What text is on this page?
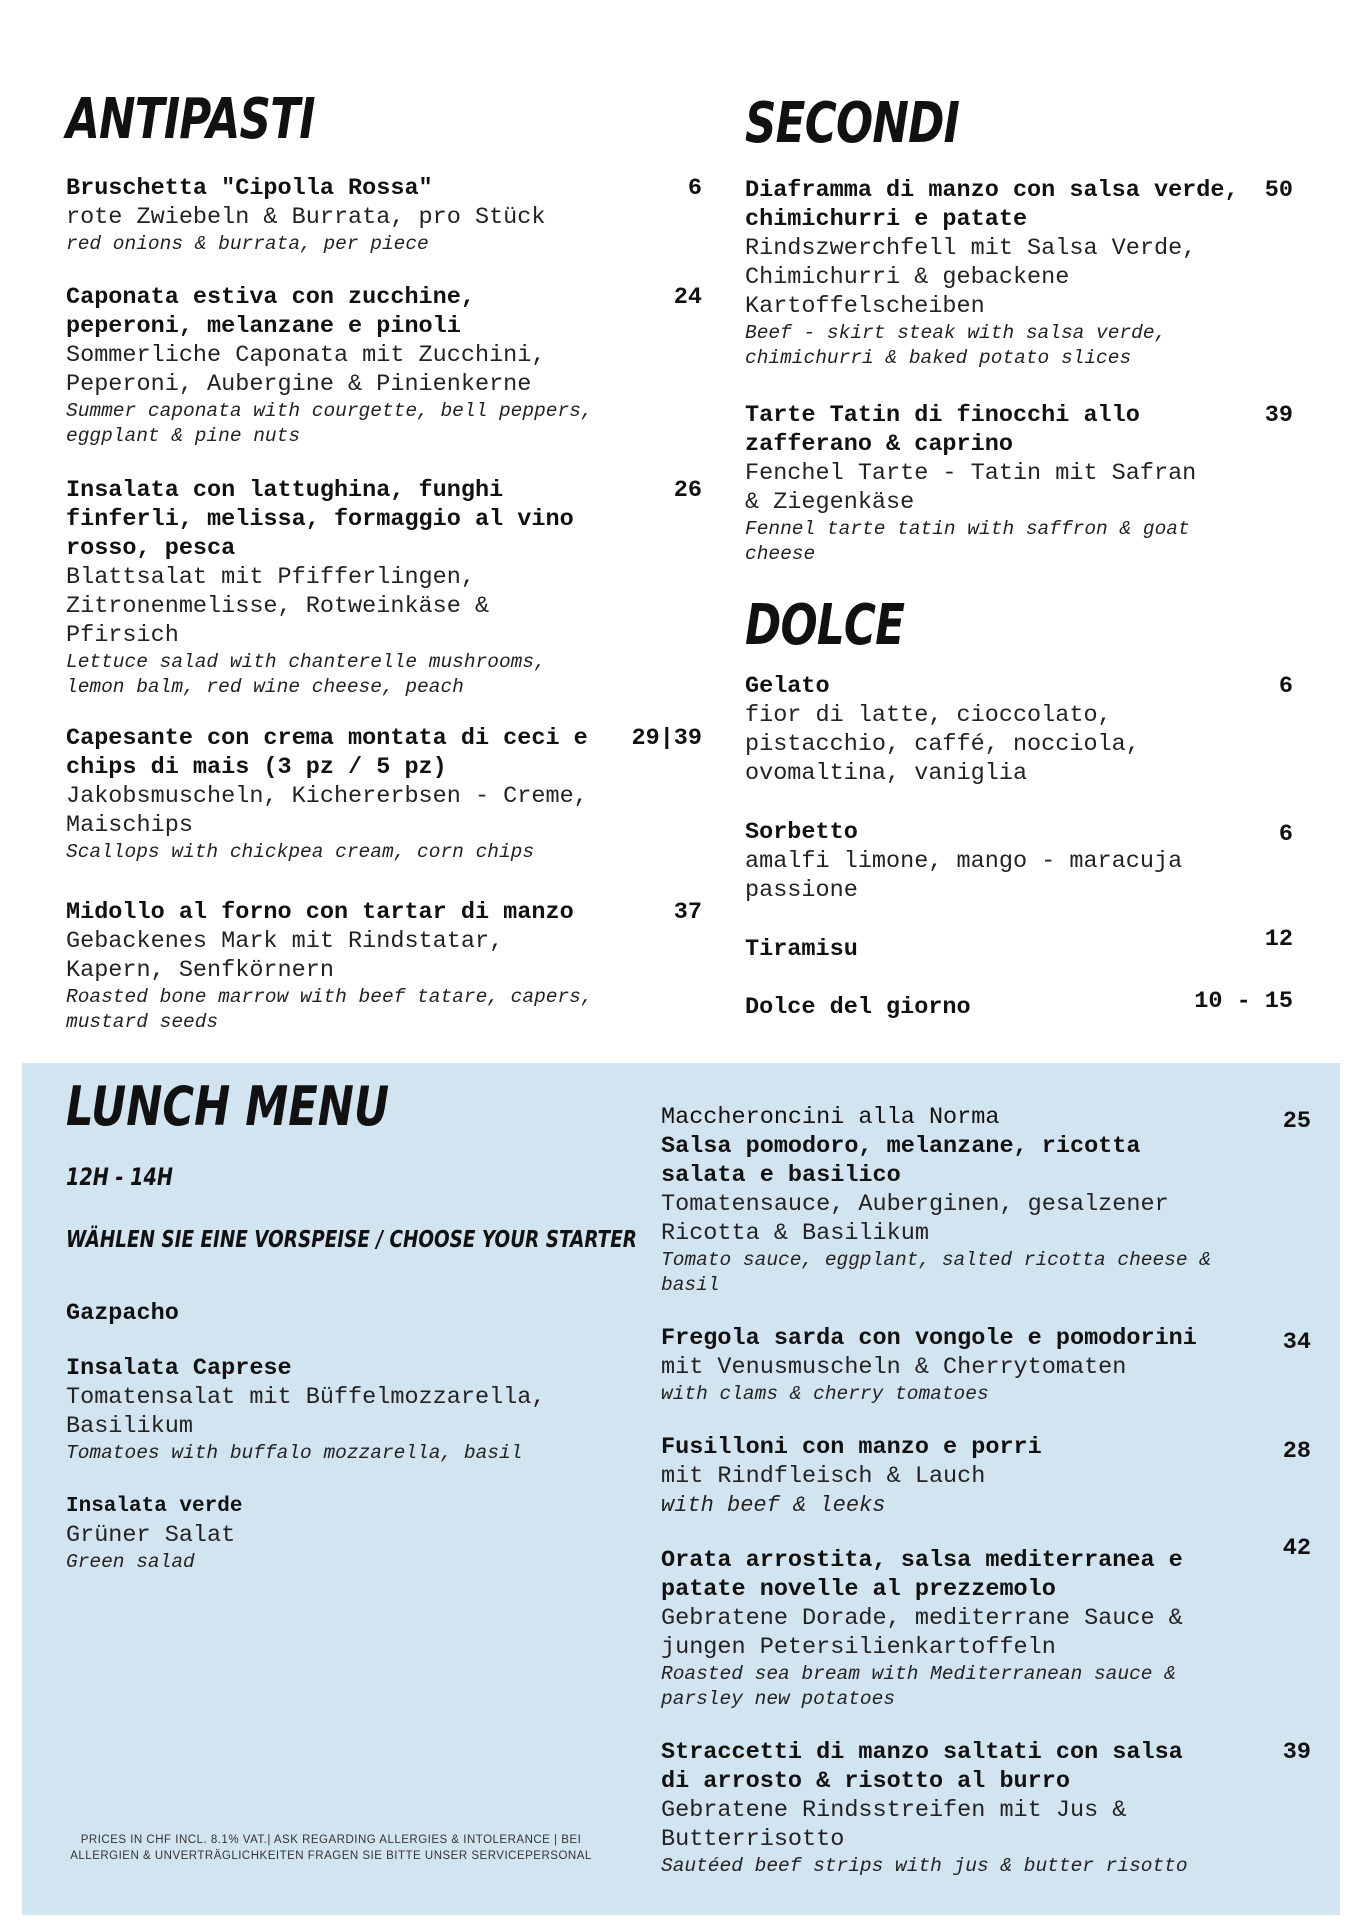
ANTIPASTI
Bruschetta "Cipolla Rossa"
rote Zwiebeln & Burrata, pro Stück
red onions & burrata, per piece
6
Caponata estiva con zucchine, peperoni, melanzane e pinoli
Sommerliche Caponata mit Zucchini, Peperoni, Aubergine & Pinienkerne
Summer caponata with courgette, bell peppers, eggplant & pine nuts
24
Insalata con lattughina, funghi finferli, melissa, formaggio al vino rosso, pesca
Blattsalat mit Pfifferlingen, Zitronenmelisse, Rotweinkäse & Pfirsich
Lettuce salad with chanterelle mushrooms, lemon balm, red wine cheese, peach
26
Capesante con crema montata di ceci e chips di mais (3 pz / 5 pz)
Jakobsmuscheln, Kichererbsen - Creme, Maischips
Scallops with chickpea cream, corn chips
29|39
Midollo al forno con tartar di manzo
Gebackenes Mark mit Rindstatar, Kapern, Senfkörnern
Roasted bone marrow with beef tatare, capers, mustard seeds
37
SECONDI
Diaframma di manzo con salsa verde, chimichurri e patate
Rindszwerchfell mit Salsa Verde, Chimichurri & gebackene Kartoffelscheiben
Beef - skirt steak with salsa verde, chimichurri & baked potato slices
50
Tarte Tatin di finocchi allo zafferano & caprino
Fenchel Tarte - Tatin mit Safran & Ziegenkäse
Fennel tarte tatin with saffron & goat cheese
39
DOLCE
Gelato
fior di latte, cioccolato, pistacchio, caffé, nocciola, ovomaltina, vaniglia
6
Sorbetto
amalfi limone, mango - maracuja passione
6
Tiramisu	12
Dolce del giorno	10 - 15
LUNCH MENU
12H - 14H
WÄHLEN SIE EINE VORSPEISE / CHOOSE YOUR STARTER
Gazpacho
Insalata Caprese
Tomatensalat mit Büffelmozzarella, Basilikum
Tomatoes with buffalo mozzarella, basil
Insalata verde
Grüner Salat
Green salad
Maccheroncini alla Norma
Salsa pomodoro, melanzane, ricotta salata e basilico
Tomatensauce, Auberginen, gesalzener Ricotta & Basilikum
Tomato sauce, eggplant, salted ricotta cheese & basil
25
Fregola sarda con vongole e pomodorini
mit Venusmuscheln & Cherrytomaten
with clams & cherry tomatoes
34
Fusilloni con manzo e porri
mit Rindfleisch & Lauch
with beef & leeks
28
Orata arrostita, salsa mediterranea e patate novelle al prezzemolo
Gebratene Dorade, mediterrane Sauce & jungen Petersilienkartoffeln
Roasted sea bream with Mediterranean sauce & parsley new potatoes
42
Straccetti di manzo saltati con salsa di arrosto & risotto al burro
Gebratene Rindsstreifen mit Jus & Butterrisotto
Sautéed beef strips with jus & butter risotto
39
PRICES IN CHF INCL. 8.1% VAT.| ASK REGARDING ALLERGIES & INTOLERANCE | BEI ALLERGIEN & UNVERTRÄGLICHKEITEN FRAGEN SIE BITTE UNSER SERVICEPERSONAL
